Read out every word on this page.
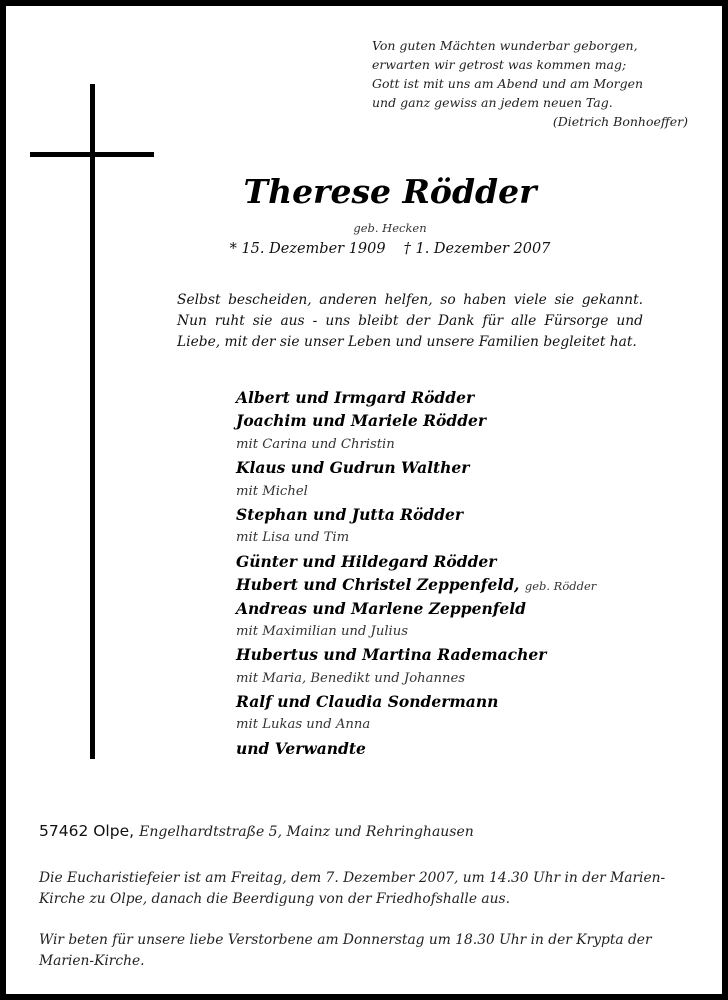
Von guten Mächten wunderbar geborgen,
erwarten wir getrost was kommen mag;
Gott ist mit uns am Abend und am Morgen
und ganz gewiss an jedem neuen Tag.
(Dietrich Bonhoeffer)
Therese Rödder
geb. Hecken
* 15. Dezember 1909 † 1. Dezember 2007
Selbst bescheiden, anderen helfen, so haben viele sie gekannt. Nun ruht sie aus - uns bleibt der Dank für alle Fürsorge und Liebe, mit der sie unser Leben und unsere Familien begleitet hat.
Albert und Irmgard Rödder
Joachim und Mariele Rödder
mit Carina und Christin
Klaus und Gudrun Walther
mit Michel
Stephan und Jutta Rödder
mit Lisa und Tim
Günter und Hildegard Rödder
Hubert und Christel Zeppenfeld, geb. Rödder
Andreas und Marlene Zeppenfeld
mit Maximilian und Julius
Hubertus und Martina Rademacher
mit Maria, Benedikt und Johannes
Ralf und Claudia Sondermann
mit Lukas und Anna
und Verwandte
57462 Olpe, Engelhardtstraße 5, Mainz und Rehringhausen
Die Eucharistiefeier ist am Freitag, dem 7. Dezember 2007, um 14.30 Uhr in der Marien-
Kirche zu Olpe, danach die Beerdigung von der Friedhofshalle aus.
Wir beten für unsere liebe Verstorbene am Donnerstag um 18.30 Uhr in der Krypta der
Marien-Kirche.
